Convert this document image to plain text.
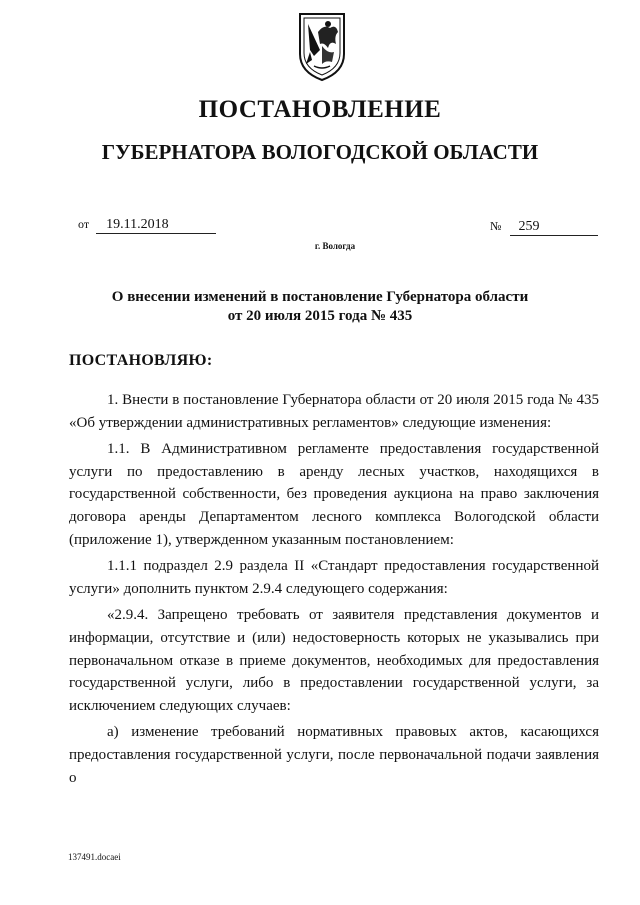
ПОСТАНОВЛЕНИЕ
ГУБЕРНАТОРА ВОЛОГОДСКОЙ ОБЛАСТИ
от 19.11.2018	№ 259
г. Вологда
О внесении изменений в постановление Губернатора области
от 20 июля 2015 года № 435
ПОСТАНОВЛЯЮ:

1. Внести в постановление Губернатора области от 20 июля 2015 года № 435 «Об утверждении административных регламентов» следующие изменения:

1.1. В Административном регламенте предоставления государственной услуги по предоставлению в аренду лесных участков, находящихся в государственной собственности, без проведения аукциона на право заключения договора аренды Департаментом лесного комплекса Вологодской области (приложение 1), утвержденном указанным постановлением:

1.1.1 подраздел 2.9 раздела II «Стандарт предоставления государственной услуги» дополнить пунктом 2.9.4 следующего содержания:

«2.9.4. Запрещено требовать от заявителя представления документов и информации, отсутствие и (или) недостоверность которых не указывались при первоначальном отказе в приеме документов, необходимых для предоставления государственной услуги, либо в предоставлении государственной услуги, за исключением следующих случаев:

а) изменение требований нормативных правовых актов, касающихся предоставления государственной услуги, после первоначальной подачи заявления о

137491.docaei
